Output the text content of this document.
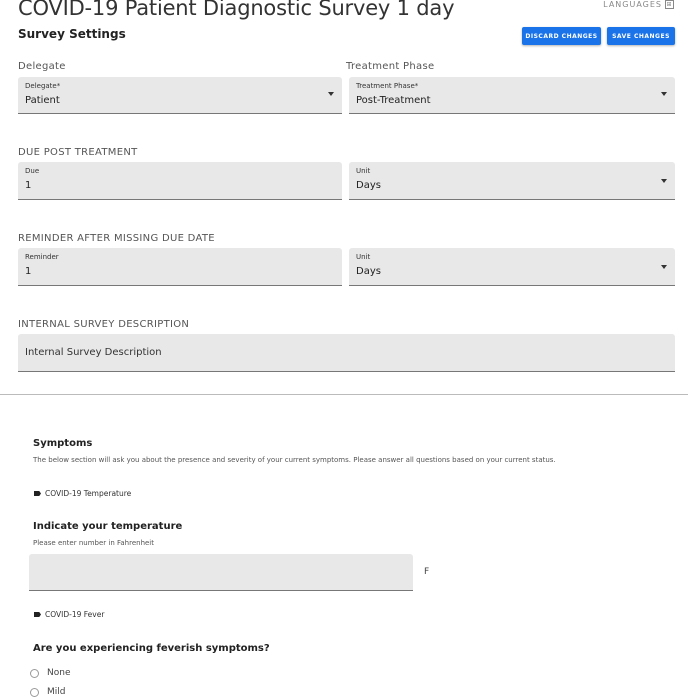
COVID-19 Patient Diagnostic Survey 1 day	LANGUAGES ⊞
Survey Settings	DISCARD CHANGES	SAVE CHANGES
Delegate	Treatment Phase
Delegate*
Patient
Treatment Phase*
Post-Treatment
DUE POST TREATMENT
Due
1
Unit
Days
REMINDER AFTER MISSING DUE DATE
Reminder
1
Unit
Days
INTERNAL SURVEY DESCRIPTION
Internal Survey Description
Symptoms
The below section will ask you about the presence and severity of your current symptoms. Please answer all questions based on your current status.
COVID-19 Temperature
Indicate your temperature
Please enter number in Fahrenheit
F
COVID-19 Fever
Are you experiencing feverish symptoms?
None
Mild
